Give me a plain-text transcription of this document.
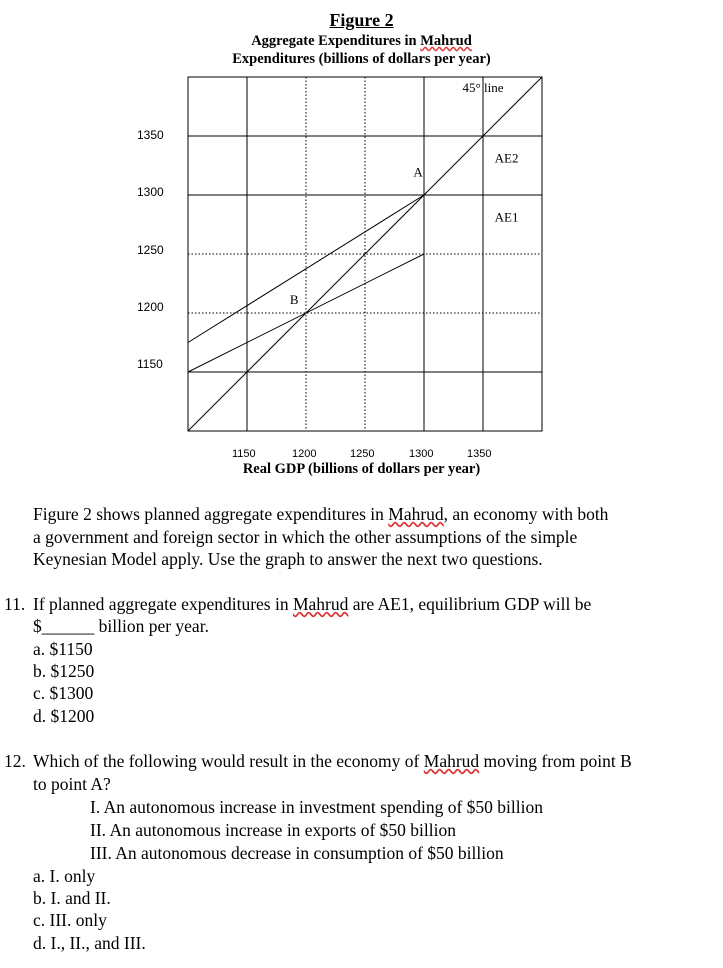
Figure 2
Aggregate Expenditures in Mahrud
Expenditures (billions of dollars per year)
1350
1300
1250
1200
1150
45° line
AE2
AE1
A
B
1150	1200	1250	1300	1350
Real GDP (billions of dollars per year)
Figure 2 shows planned aggregate expenditures in Mahrud, an economy with both
a government and foreign sector in which the other assumptions of the simple
Keynesian Model apply. Use the graph to answer the next two questions.
11. If planned aggregate expenditures in Mahrud are AE1, equilibrium GDP will be
$______ billion per year.
a. $1150
b. $1250
c. $1300
d. $1200
12. Which of the following would result in the economy of Mahrud moving from point B
to point A?
I. An autonomous increase in investment spending of $50 billion
II. An autonomous increase in exports of $50 billion
III. An autonomous decrease in consumption of $50 billion
a. I. only
b. I. and II.
c. III. only
d. I., II., and III.
